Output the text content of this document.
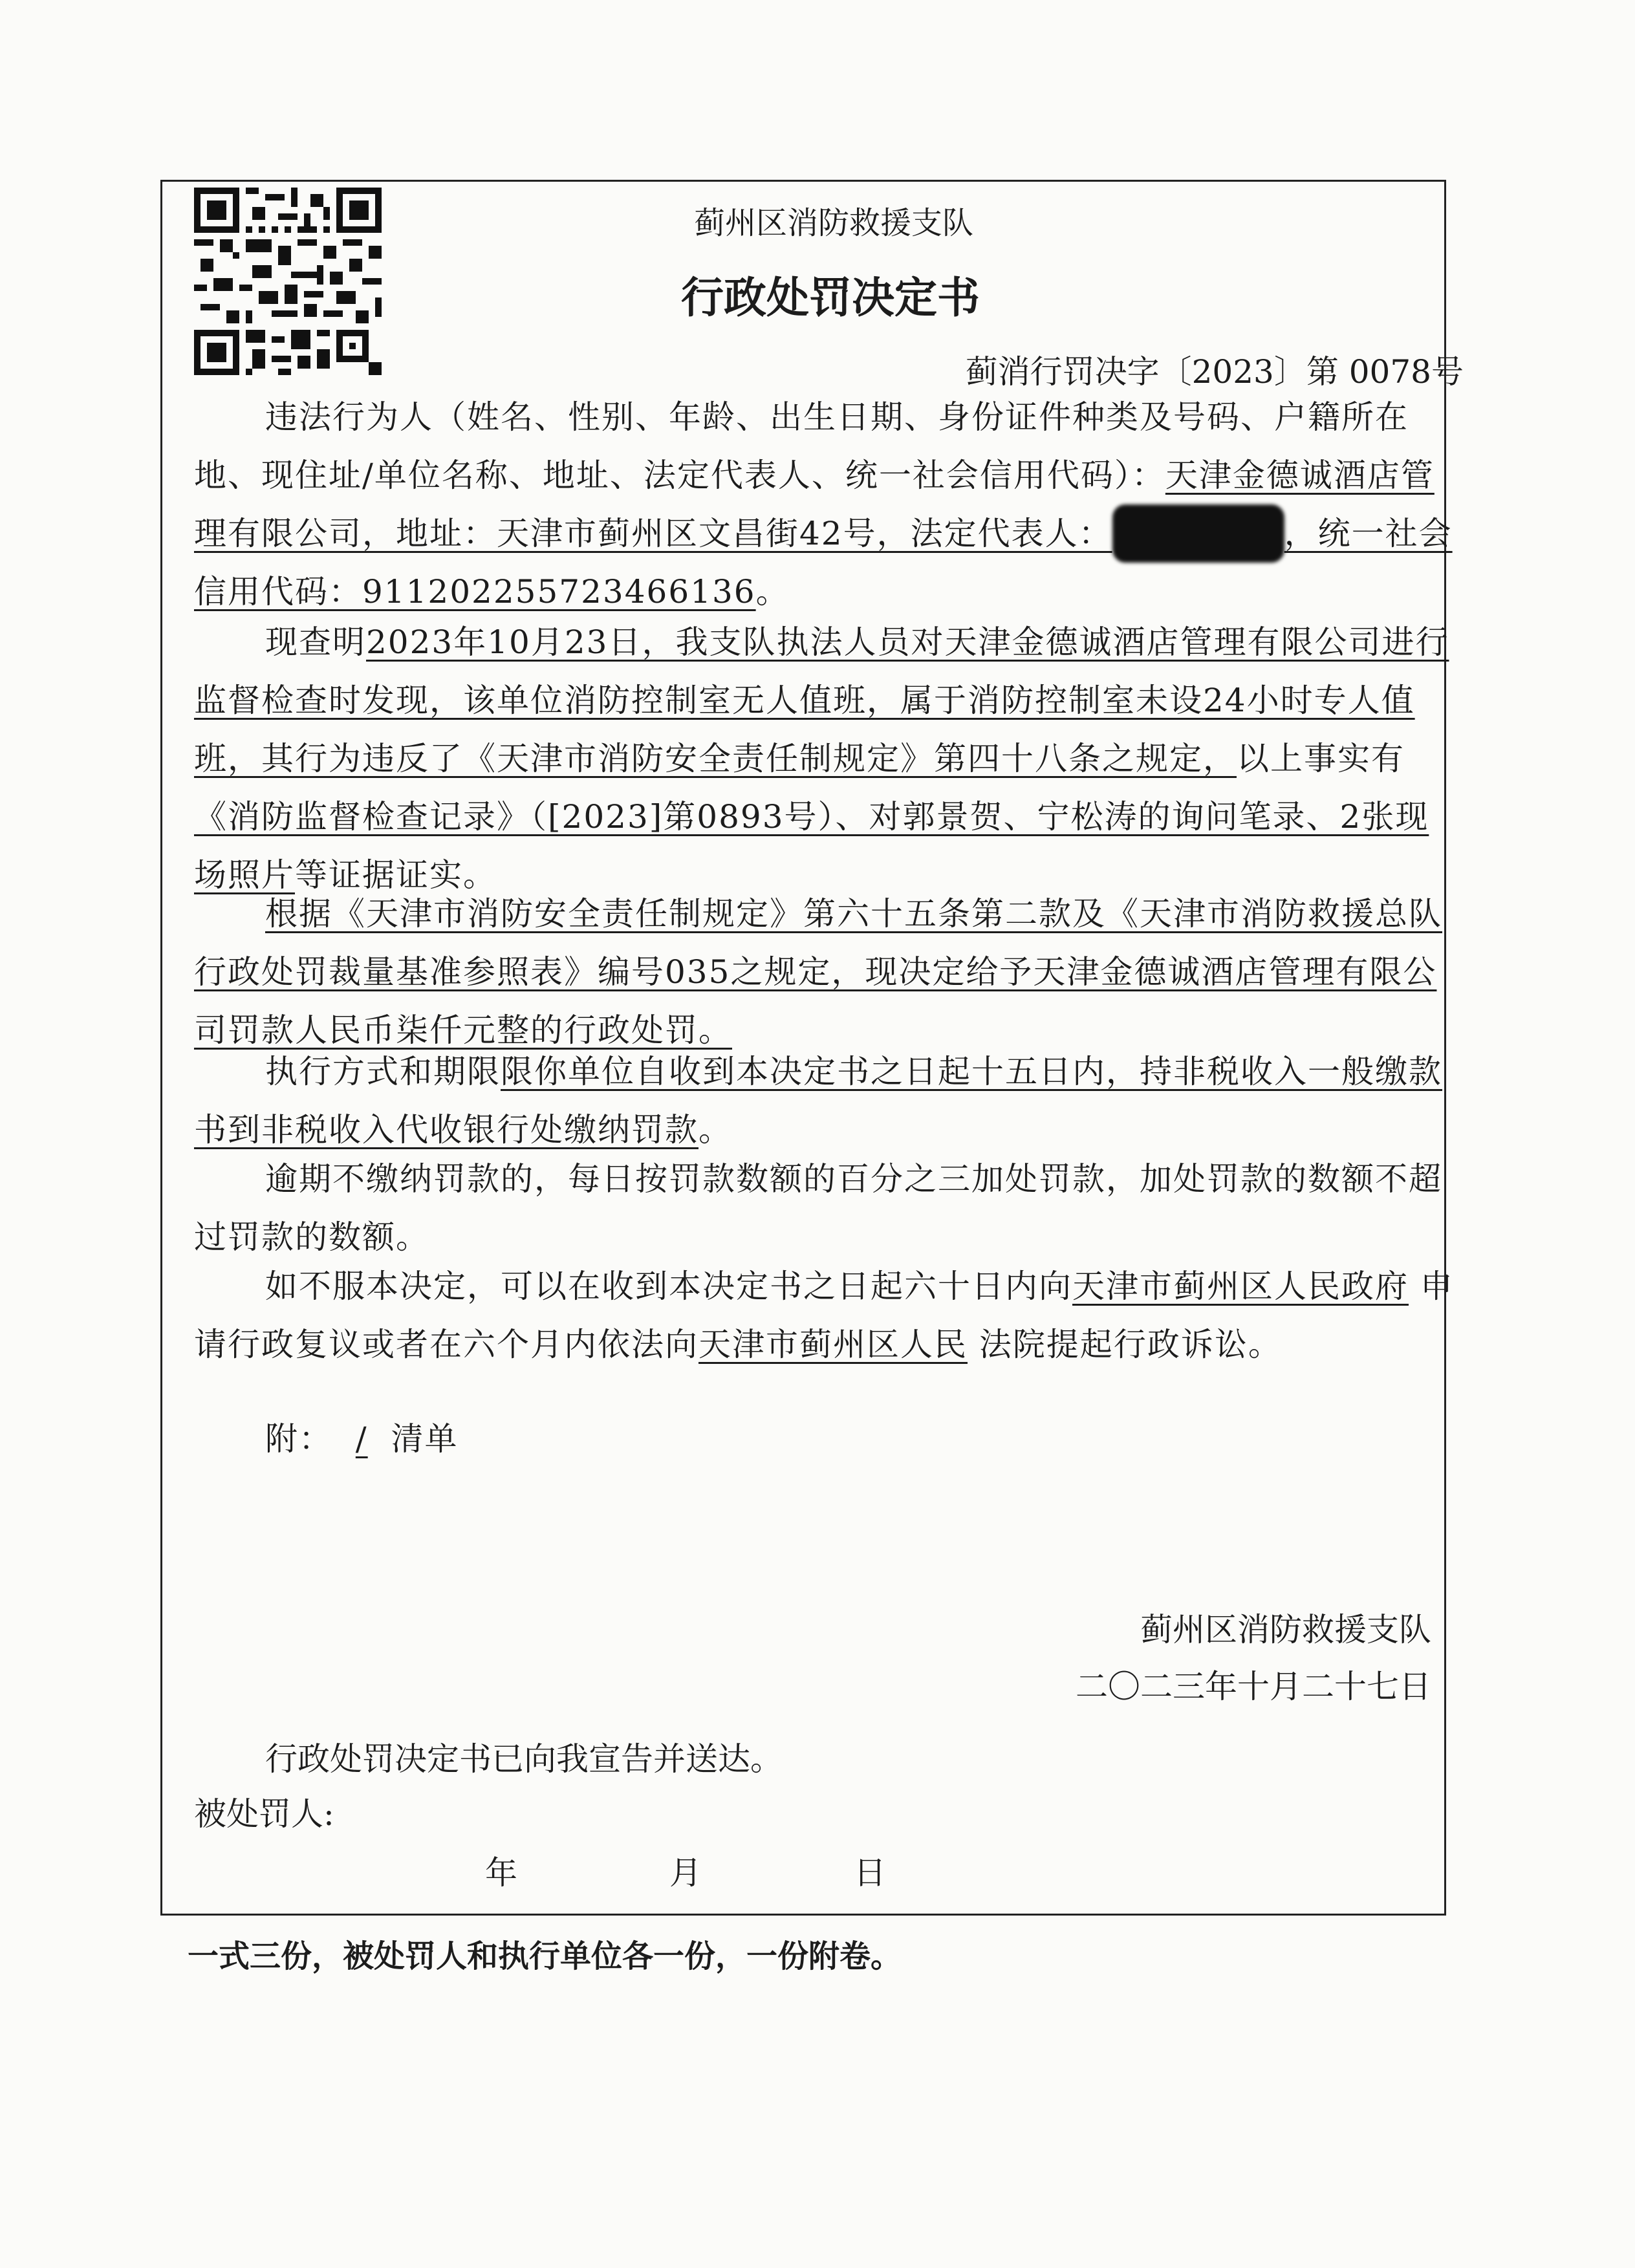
蓟州区消防救援支队
行政处罚决定书
蓟消行罚决字〔2023〕第 0078号
违法行为人（姓名、性别、年龄、出生日期、身份证件种类及号码、户籍所在地、现住址/单位名称、地址、法定代表人、统一社会信用代码）：天津金德诚酒店管理有限公司，地址：天津市蓟州区文昌街42号，法定代表人：	，统一社会信用代码：911202255723466136。
现查明2023年10月23日，我支队执法人员对天津金德诚酒店管理有限公司进行监督检查时发现，该单位消防控制室无人值班，属于消防控制室未设24小时专人值班，其行为违反了《天津市消防安全责任制规定》第四十八条之规定，以上事实有《消防监督检查记录》（[2023]第0893号）、对郭景贺、宁松涛的询问笔录、2张现场照片等证据证实。
根据《天津市消防安全责任制规定》第六十五条第二款及《天津市消防救援总队行政处罚裁量基准参照表》编号035之规定，现决定给予天津金德诚酒店管理有限公司罚款人民币柒仟元整的行政处罚。
执行方式和期限限你单位自收到本决定书之日起十五日内，持非税收入一般缴款书到非税收入代收银行处缴纳罚款。
逾期不缴纳罚款的，每日按罚款数额的百分之三加处罚款，加处罚款的数额不超过罚款的数额。
如不服本决定，可以在收到本决定书之日起六十日内向天津市蓟州区人民政府 申请行政复议或者在六个月内依法向天津市蓟州区人民 法院提起行政诉讼。
附： / 清单
蓟州区消防救援支队
二〇二三年十月二十七日
行政处罚决定书已向我宣告并送达。
被处罚人:
年	月	日
一式三份，被处罚人和执行单位各一份，一份附卷。
